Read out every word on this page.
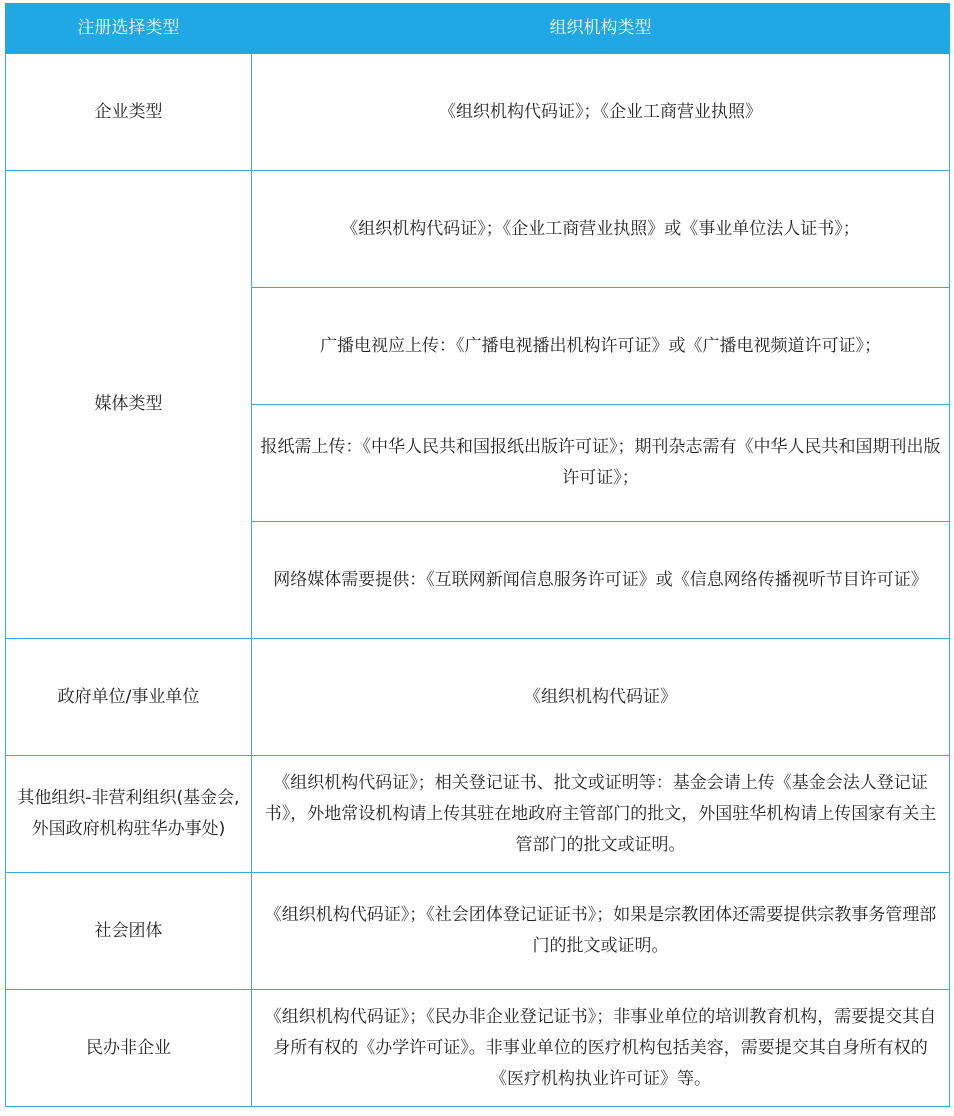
注册选择类型	组织机构类型
企业类型	《组织机构代码证》；《企业工商营业执照》
媒体类型	《组织机构代码证》；《企业工商营业执照》或《事业单位法人证书》；
	广播电视应上传：《广播电视播出机构许可证》或《广播电视频道许可证》；
	报纸需上传：《中华人民共和国报纸出版许可证》；期刊杂志需有《中华人民共和国期刊出版许可证》；
	网络媒体需要提供：《互联网新闻信息服务许可证》或《信息网络传播视听节目许可证》
政府单位/事业单位	《组织机构代码证》
其他组织-非营利组织(基金会,外国政府机构驻华办事处)	《组织机构代码证》；相关登记证书、批文或证明等：基金会请上传《基金会法人登记证书》，外地常设机构请上传其驻在地政府主管部门的批文，外国驻华机构请上传国家有关主管部门的批文或证明。
社会团体	《组织机构代码证》；《社会团体登记证证书》；如果是宗教团体还需要提供宗教事务管理部门的批文或证明。
民办非企业	《组织机构代码证》；《民办非企业登记证书》；非事业单位的培训教育机构，需要提交其自身所有权的《办学许可证》。非事业单位的医疗机构包括美容，需要提交其自身所有权的《医疗机构执业许可证》等。
